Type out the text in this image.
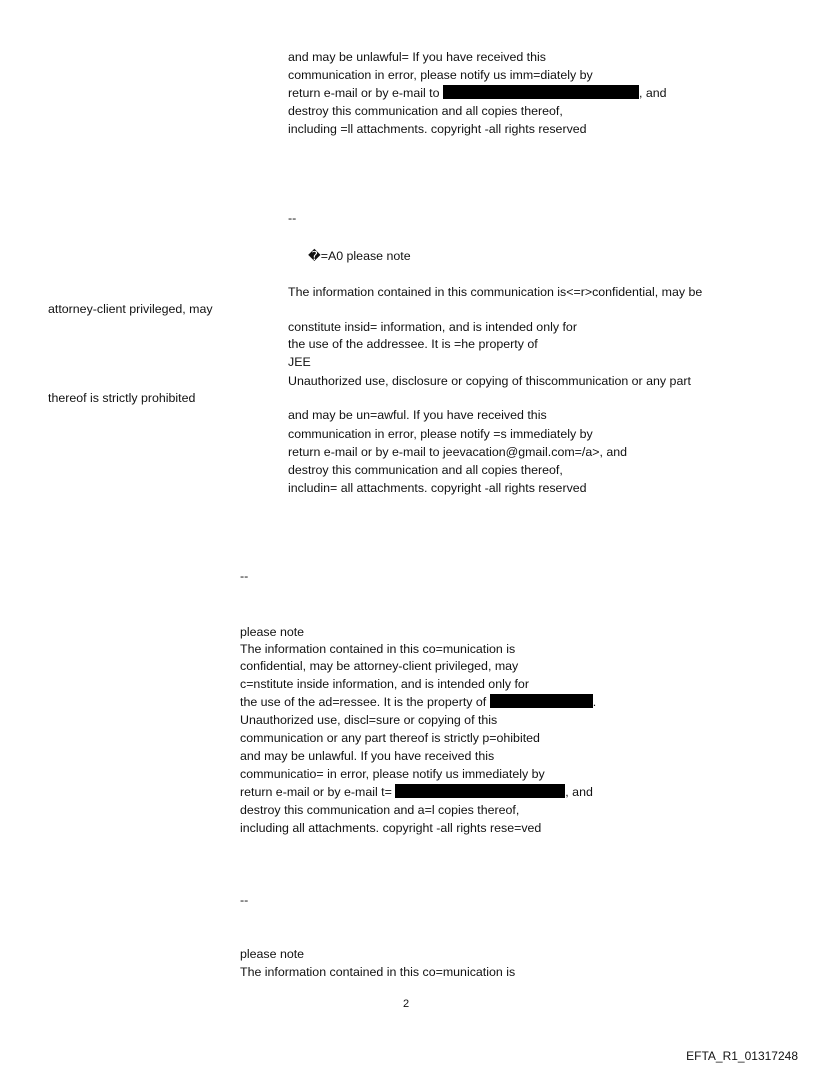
and may be unlawful= If you have received this
communication in error, please notify us imm=diately by
return e-mail or by e-mail to	, and
destroy this communication and all copies thereof,
including =ll attachments. copyright -all rights reserved
--
�=A0 please note
The information contained in this communication is<=r>confidential, may be
attorney-client privileged, may
constitute insid= information, and is intended only for
the use of the addressee. It is =he property of
JEE
Unauthorized use, disclosure or copying of thiscommunication or any part
thereof is strictly prohibited
and may be un=awful. If you have received this
communication in error, please notify =s immediately by
return e-mail or by e-mail to jeevacation@gmail.com=/a>, and
destroy this communication and all copies thereof,
includin= all attachments. copyright -all rights reserved
--
please note
The information contained in this co=munication is
confidential, may be attorney-client privileged, may
c=nstitute inside information, and is intended only for
the use of the ad=ressee. It is the property of	.
Unauthorized use, discl=sure or copying of this
communication or any part thereof is strictly p=ohibited
and may be unlawful. If you have received this
communicatio= in error, please notify us immediately by
return e-mail or by e-mail t=	, and
destroy this communication and a=l copies thereof,
including all attachments. copyright -all rights rese=ved
--
please note
The information contained in this co=munication is
2
EFTA_R1_01317248
